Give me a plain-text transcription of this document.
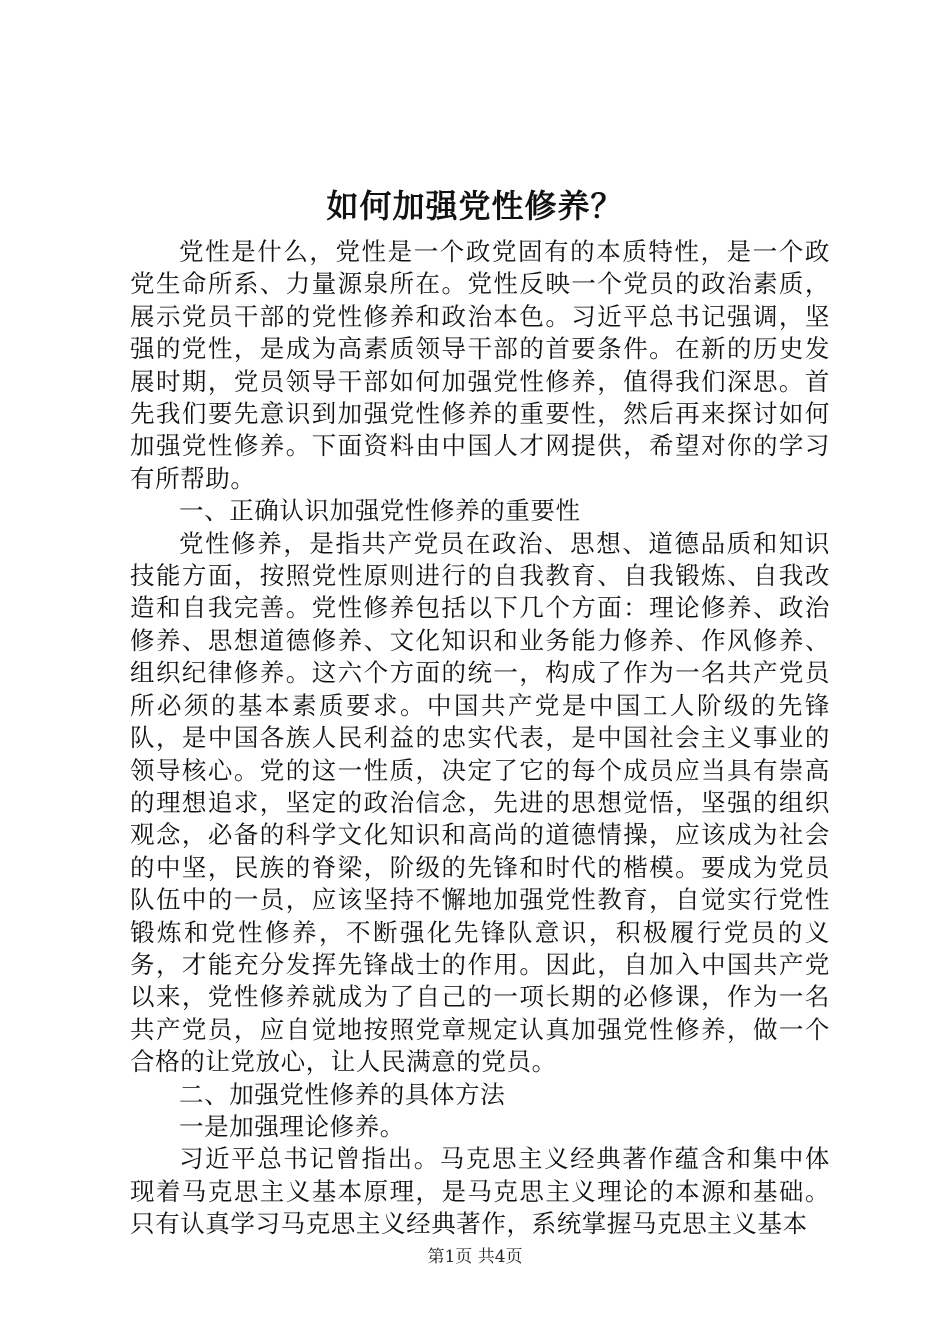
如何加强党性修养？

党性是什么，党性是一个政党固有的本质特性，是一个政党生命所系、力量源泉所在。党性反映一个党员的政治素质，展示党员干部的党性修养和政治本色。习近平总书记强调，坚强的党性，是成为高素质领导干部的首要条件。在新的历史发展时期，党员领导干部如何加强党性修养，值得我们深思。首先我们要先意识到加强党性修养的重要性，然后再来探讨如何加强党性修养。下面资料由中国人才网提供，希望对你的学习有所帮助。

一、正确认识加强党性修养的重要性

党性修养，是指共产党员在政治、思想、道德品质和知识技能方面，按照党性原则进行的自我教育、自我锻炼、自我改造和自我完善。党性修养包括以下几个方面：理论修养、政治修养、思想道德修养、文化知识和业务能力修养、作风修养、组织纪律修养。这六个方面的统一，构成了作为一名共产党员所必须的基本素质要求。中国共产党是中国工人阶级的先锋队，是中国各族人民利益的忠实代表，是中国社会主义事业的领导核心。党的这一性质，决定了它的每个成员应当具有崇高的理想追求，坚定的政治信念，先进的思想觉悟，坚强的组织观念，必备的科学文化知识和高尚的道德情操，应该成为社会的中坚，民族的脊梁，阶级的先锋和时代的楷模。要成为党员队伍中的一员，应该坚持不懈地加强党性教育，自觉实行党性锻炼和党性修养，不断强化先锋队意识，积极履行党员的义务，才能充分发挥先锋战士的作用。因此，自加入中国共产党以来，党性修养就成为了自己的一项长期的必修课，作为一名共产党员，应自觉地按照党章规定认真加强党性修养，做一个合格的让党放心，让人民满意的党员。

二、加强党性修养的具体方法

一是加强理论修养。

习近平总书记曾指出。马克思主义经典著作蕴含和集中体现着马克思主义基本原理，是马克思主义理论的本源和基础。只有认真学习马克思主义经典著作，系统掌握马克思主义基本

第1页 共4页
